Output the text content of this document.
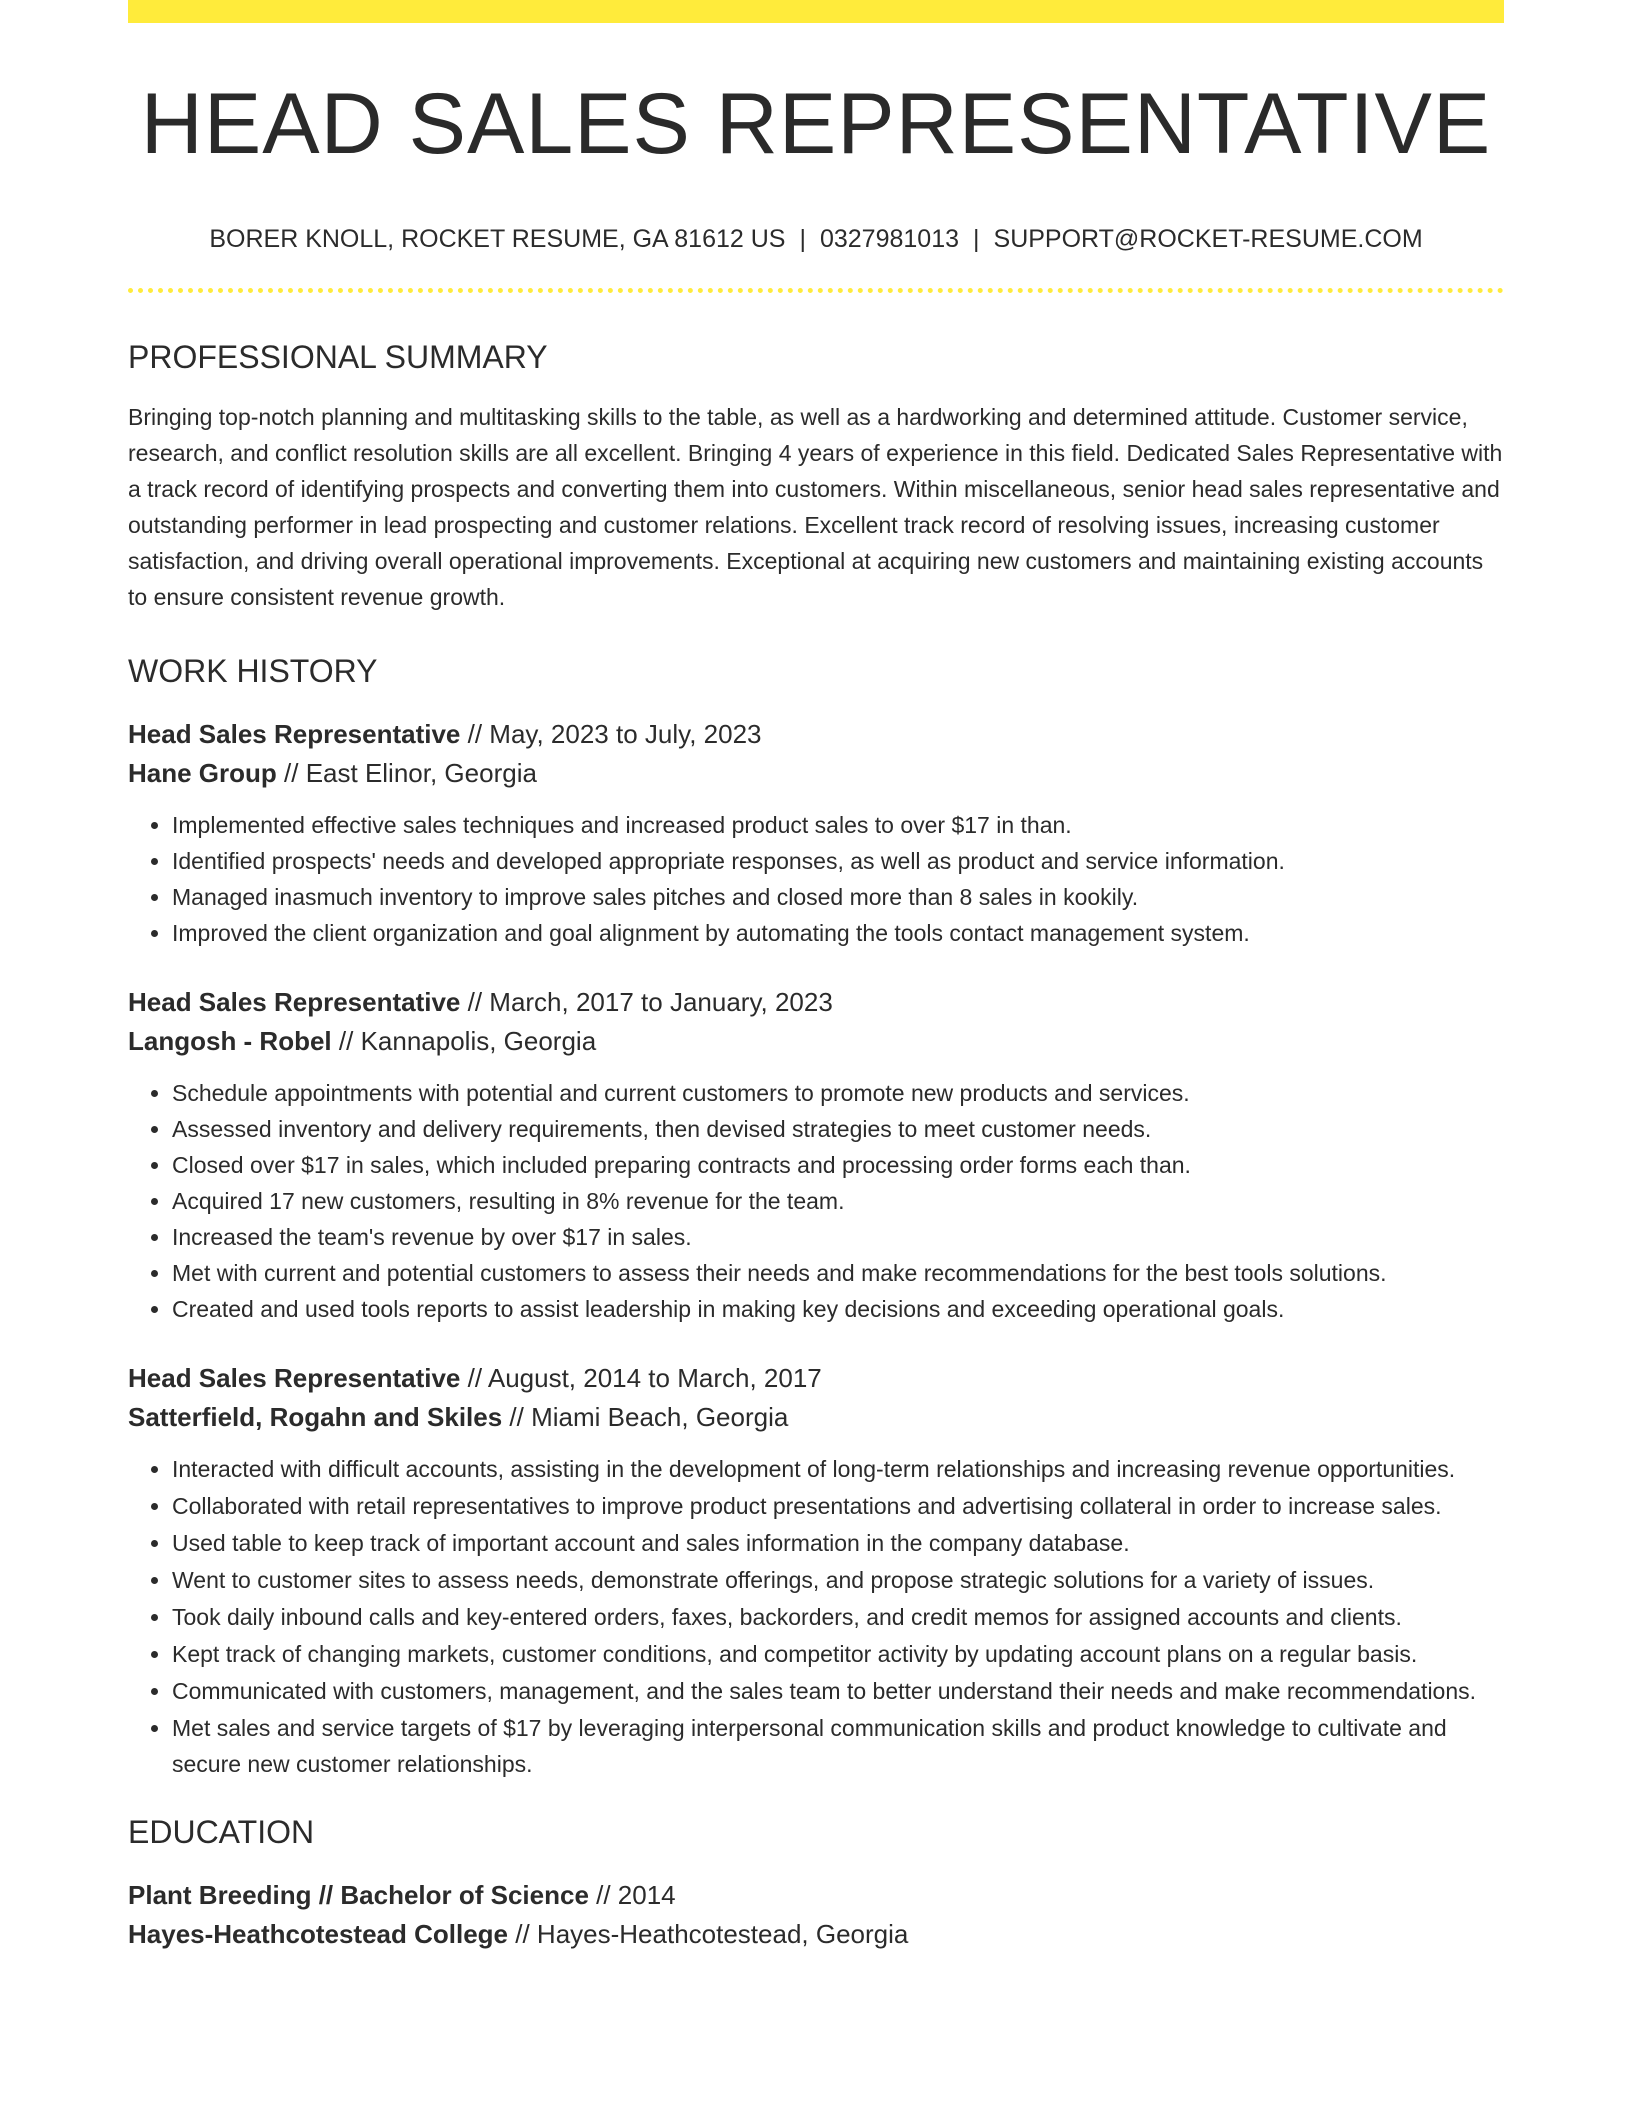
HEAD SALES REPRESENTATIVE
BORER KNOLL, ROCKET RESUME, GA 81612 US | 0327981013 | SUPPORT@ROCKET-RESUME.COM
PROFESSIONAL SUMMARY
Bringing top-notch planning and multitasking skills to the table, as well as a hardworking and determined attitude. Customer service, research, and conflict resolution skills are all excellent. Bringing 4 years of experience in this field. Dedicated Sales Representative with a track record of identifying prospects and converting them into customers. Within miscellaneous, senior head sales representative and outstanding performer in lead prospecting and customer relations. Excellent track record of resolving issues, increasing customer satisfaction, and driving overall operational improvements. Exceptional at acquiring new customers and maintaining existing accounts to ensure consistent revenue growth.
WORK HISTORY
Head Sales Representative // May, 2023 to July, 2023
Hane Group // East Elinor, Georgia
• Implemented effective sales techniques and increased product sales to over $17 in than.
• Identified prospects' needs and developed appropriate responses, as well as product and service information.
• Managed inasmuch inventory to improve sales pitches and closed more than 8 sales in kookily.
• Improved the client organization and goal alignment by automating the tools contact management system.
Head Sales Representative // March, 2017 to January, 2023
Langosh - Robel // Kannapolis, Georgia
• Schedule appointments with potential and current customers to promote new products and services.
• Assessed inventory and delivery requirements, then devised strategies to meet customer needs.
• Closed over $17 in sales, which included preparing contracts and processing order forms each than.
• Acquired 17 new customers, resulting in 8% revenue for the team.
• Increased the team's revenue by over $17 in sales.
• Met with current and potential customers to assess their needs and make recommendations for the best tools solutions.
• Created and used tools reports to assist leadership in making key decisions and exceeding operational goals.
Head Sales Representative // August, 2014 to March, 2017
Satterfield, Rogahn and Skiles // Miami Beach, Georgia
• Interacted with difficult accounts, assisting in the development of long-term relationships and increasing revenue opportunities.
• Collaborated with retail representatives to improve product presentations and advertising collateral in order to increase sales.
• Used table to keep track of important account and sales information in the company database.
• Went to customer sites to assess needs, demonstrate offerings, and propose strategic solutions for a variety of issues.
• Took daily inbound calls and key-entered orders, faxes, backorders, and credit memos for assigned accounts and clients.
• Kept track of changing markets, customer conditions, and competitor activity by updating account plans on a regular basis.
• Communicated with customers, management, and the sales team to better understand their needs and make recommendations.
• Met sales and service targets of $17 by leveraging interpersonal communication skills and product knowledge to cultivate and secure new customer relationships.
EDUCATION
Plant Breeding // Bachelor of Science // 2014
Hayes-Heathcotestead College // Hayes-Heathcotestead, Georgia
